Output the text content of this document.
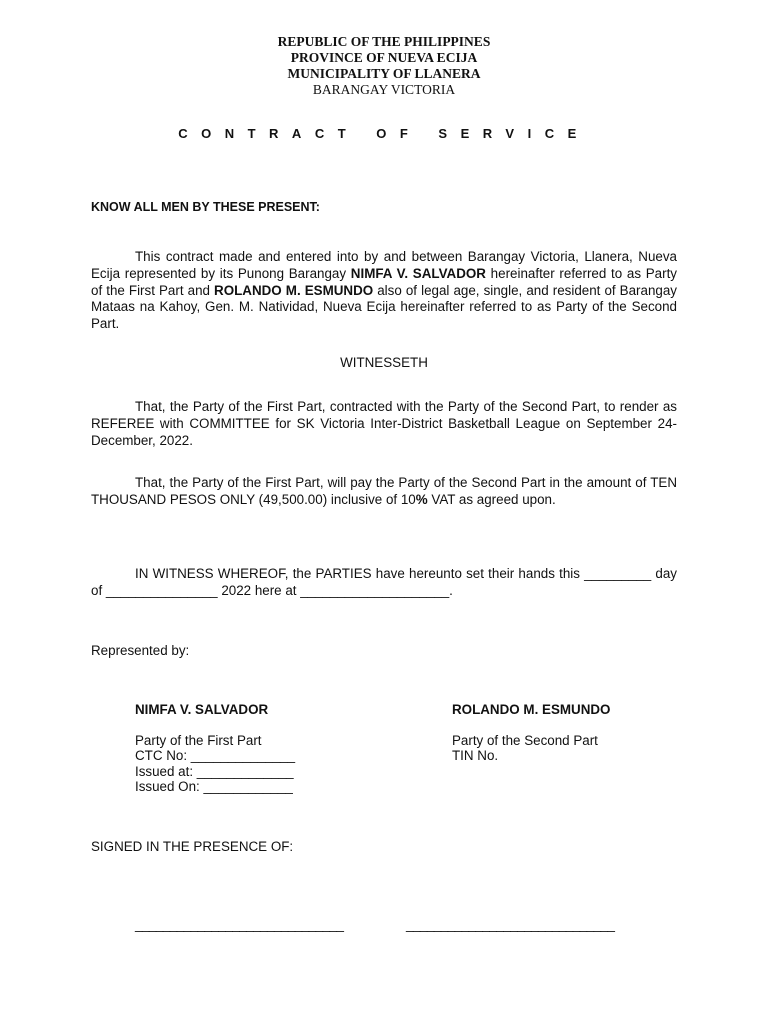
REPUBLIC OF THE PHILIPPINES
PROVINCE OF NUEVA ECIJA
MUNICIPALITY OF LLANERA
BARANGAY VICTORIA
CONTRACT OF SERVICE
KNOW ALL MEN BY THESE PRESENT:

This contract made and entered into by and between Barangay Victoria, Llanera, Nueva Ecija represented by its Punong Barangay NIMFA V. SALVADOR hereinafter referred to as Party of the First Part and ROLANDO M. ESMUNDO also of legal age, single, and resident of Barangay Mataas na Kahoy, Gen. M. Natividad, Nueva Ecija hereinafter referred to as Party of the Second Part.

WITNESSETH

That, the Party of the First Part, contracted with the Party of the Second Part, to render as REFEREE with COMMITTEE for SK Victoria Inter-District Basketball League on September 24- December, 2022.

That, the Party of the First Part, will pay the Party of the Second Part in the amount of TEN THOUSAND PESOS ONLY (49,500.00) inclusive of 10% VAT as agreed upon.

IN WITNESS WHEREOF, the PARTIES have hereunto set their hands this _________ day of _______________ 2022 here at ____________________.

Represented by:
NIMFA V. SALVADOR
Party of the First Part
CTC No: ______________
Issued at: _____________
Issued On: ____________
ROLANDO M. ESMUNDO
Party of the Second Part
TIN No.
SIGNED IN THE PRESENCE OF:
______________________________	______________________________
